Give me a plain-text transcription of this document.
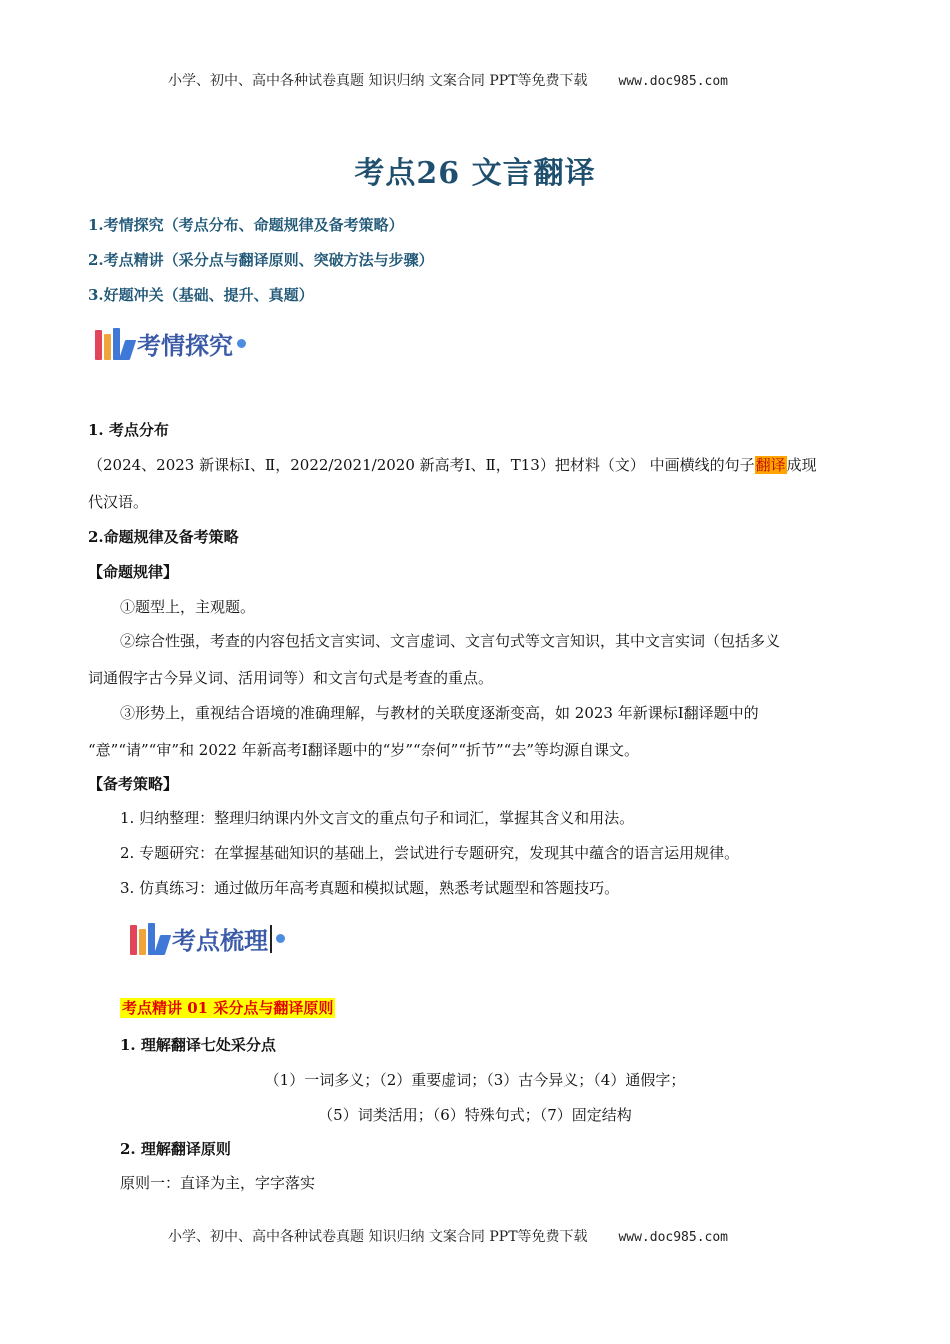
小学、初中、高中各种试卷真题 知识归纳 文案合同 PPT等免费下载 www.doc985.com
考点26 文言翻译
1.考情探究（考点分布、命题规律及备考策略）
2.考点精讲（采分点与翻译原则、突破方法与步骤）
3.好题冲关（基础、提升、真题）
考情探究
1. 考点分布
（2024、2023 新课标Ⅰ、Ⅱ，2022/2021/2020 新高考Ⅰ、Ⅱ，T13）把材料（文） 中画横线的句子翻译成现
代汉语。
2.命题规律及备考策略
【命题规律】
①题型上，主观题。
②综合性强，考查的内容包括文言实词、文言虚词、文言句式等文言知识，其中文言实词（包括多义
词通假字古今异义词、活用词等）和文言句式是考查的重点。
③形势上，重视结合语境的准确理解，与教材的关联度逐渐变高，如 2023 年新课标Ⅰ翻译题中的
“意”“请”“审”和 2022 年新高考Ⅰ翻译题中的“岁”“奈何”“折节”“去”等均源自课文。
【备考策略】
1. 归纳整理：整理归纳课内外文言文的重点句子和词汇，掌握其含义和用法。
2. 专题研究：在掌握基础知识的基础上，尝试进行专题研究，发现其中蕴含的语言运用规律。
3. 仿真练习：通过做历年高考真题和模拟试题，熟悉考试题型和答题技巧。
考点梳理
考点精讲 01 采分点与翻译原则
1. 理解翻译七处采分点
（1）一词多义；（2）重要虚词；（3）古今异义；（4）通假字；
（5）词类活用；（6）特殊句式；（7）固定结构
2. 理解翻译原则
原则一：直译为主，字字落实
小学、初中、高中各种试卷真题 知识归纳 文案合同 PPT等免费下载 www.doc985.com
